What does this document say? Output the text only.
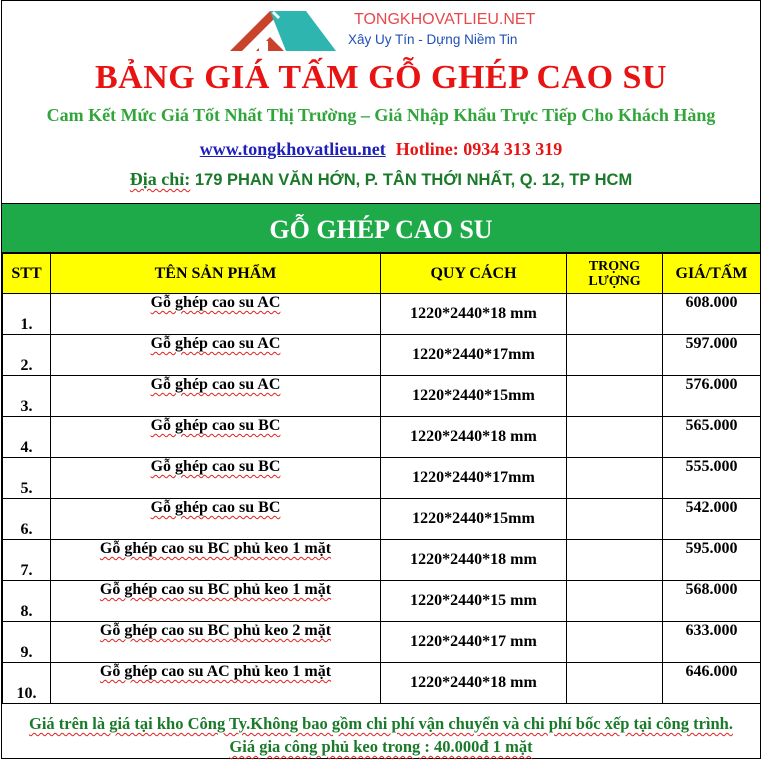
TONGKHOVATLIEU.NET
Xây Uy Tín - Dựng Niềm Tin
BẢNG GIÁ TẤM GỖ GHÉP CAO SU
Cam Kết Mức Giá Tốt Nhất Thị Trường – Giá Nhập Khẩu Trực Tiếp Cho Khách Hàng
www.tongkhovatlieu.net Hotline: 0934 313 319
Địa chỉ: 179 PHAN VĂN HỚN, P. TÂN THỚI NHẤT, Q. 12, TP HCM
GỖ GHÉP CAO SU
STT	TÊN SẢN PHẨM	QUY CÁCH	TRỌNG LƯỢNG	GIÁ/TẤM
1.	Gỗ ghép cao su AC	1220*2440*18 mm		608.000
2.	Gỗ ghép cao su AC	1220*2440*17mm		597.000
3.	Gỗ ghép cao su AC	1220*2440*15mm		576.000
4.	Gỗ ghép cao su BC	1220*2440*18 mm		565.000
5.	Gỗ ghép cao su BC	1220*2440*17mm		555.000
6.	Gỗ ghép cao su BC	1220*2440*15mm		542.000
7.	Gỗ ghép cao su BC phủ keo 1 mặt	1220*2440*18 mm		595.000
8.	Gỗ ghép cao su BC phủ keo 1 mặt	1220*2440*15 mm		568.000
9.	Gỗ ghép cao su BC phủ keo 2 mặt	1220*2440*17 mm		633.000
10.	Gỗ ghép cao su AC phủ keo 1 mặt	1220*2440*18 mm		646.000
Giá trên là giá tại kho Công Ty.Không bao gồm chi phí vận chuyển và chi phí bốc xếp tại công trình. Giá gia công phủ keo trong : 40.000đ 1 mặt
